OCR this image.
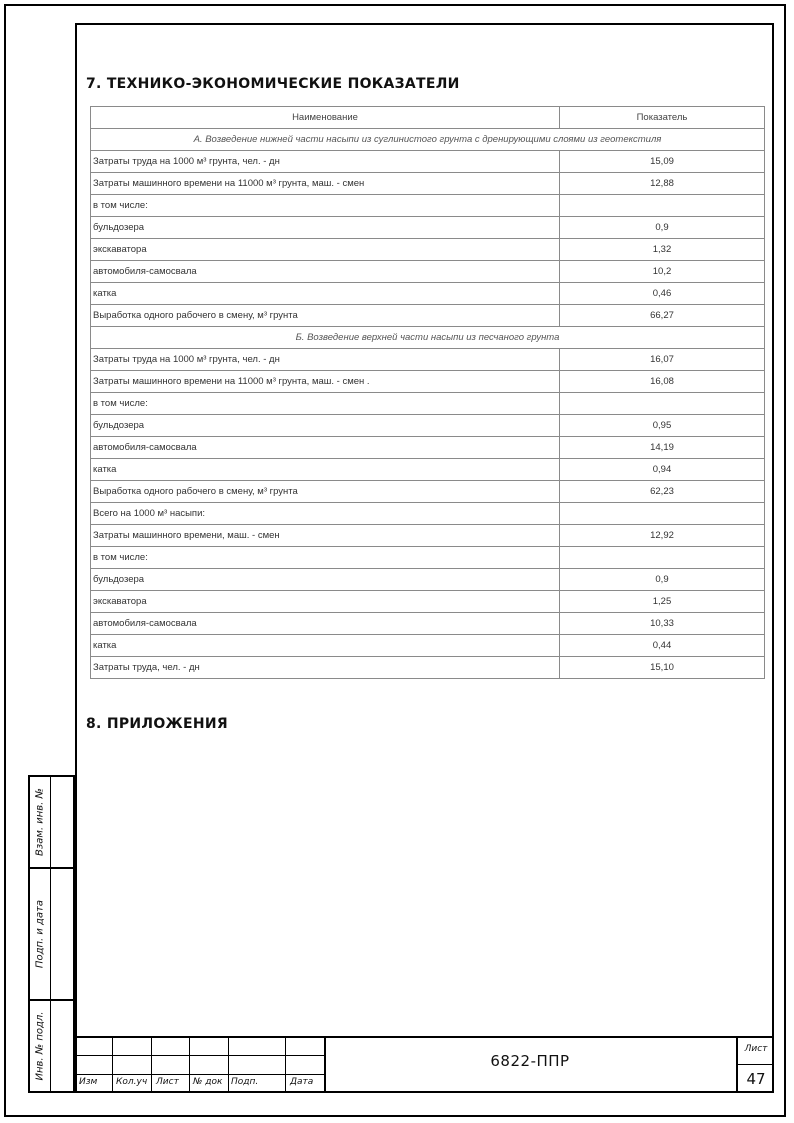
7. ТЕХНИКО-ЭКОНОМИЧЕСКИЕ ПОКАЗАТЕЛИ
Наименование	Показатель
А. Возведение нижней части насыпи из суглинистого грунта с дренирующими слоями из геотекстиля	
Затраты труда на 1000 м³ грунта, чел. - дн	15,09
Затраты машинного времени на 11000 м³ грунта, маш. - смен	12,88
в том числе:	
бульдозера	0,9
экскаватора	1,32
автомобиля-самосвала	10,2
катка	0,46
Выработка одного рабочего в смену, м³ грунта	66,27
Б. Возведение верхней части насыпи из песчаного грунта	
Затраты труда на 1000 м³ грунта, чел. - дн	16,07
Затраты машинного времени на 11000 м³ грунта, маш. - смен .	16,08
в том числе:	
бульдозера	0,95
автомобиля-самосвала	14,19
катка	0,94
Выработка одного рабочего в смену, м³ грунта	62,23
Всего на 1000 м³ насыпи:	
Затраты машинного времени, маш. - смен	12,92
в том числе:	
бульдозера	0,9
экскаватора	1,25
автомобиля-самосвала	10,33
катка	0,44
Затраты труда, чел. - дн	15,10
8. ПРИЛОЖЕНИЯ
Взам. инв. №
Подп. и дата
Инв. № подл.
Изм Кол.уч Лист № док Подп.	Дата
6822-ППР
Лист
47
